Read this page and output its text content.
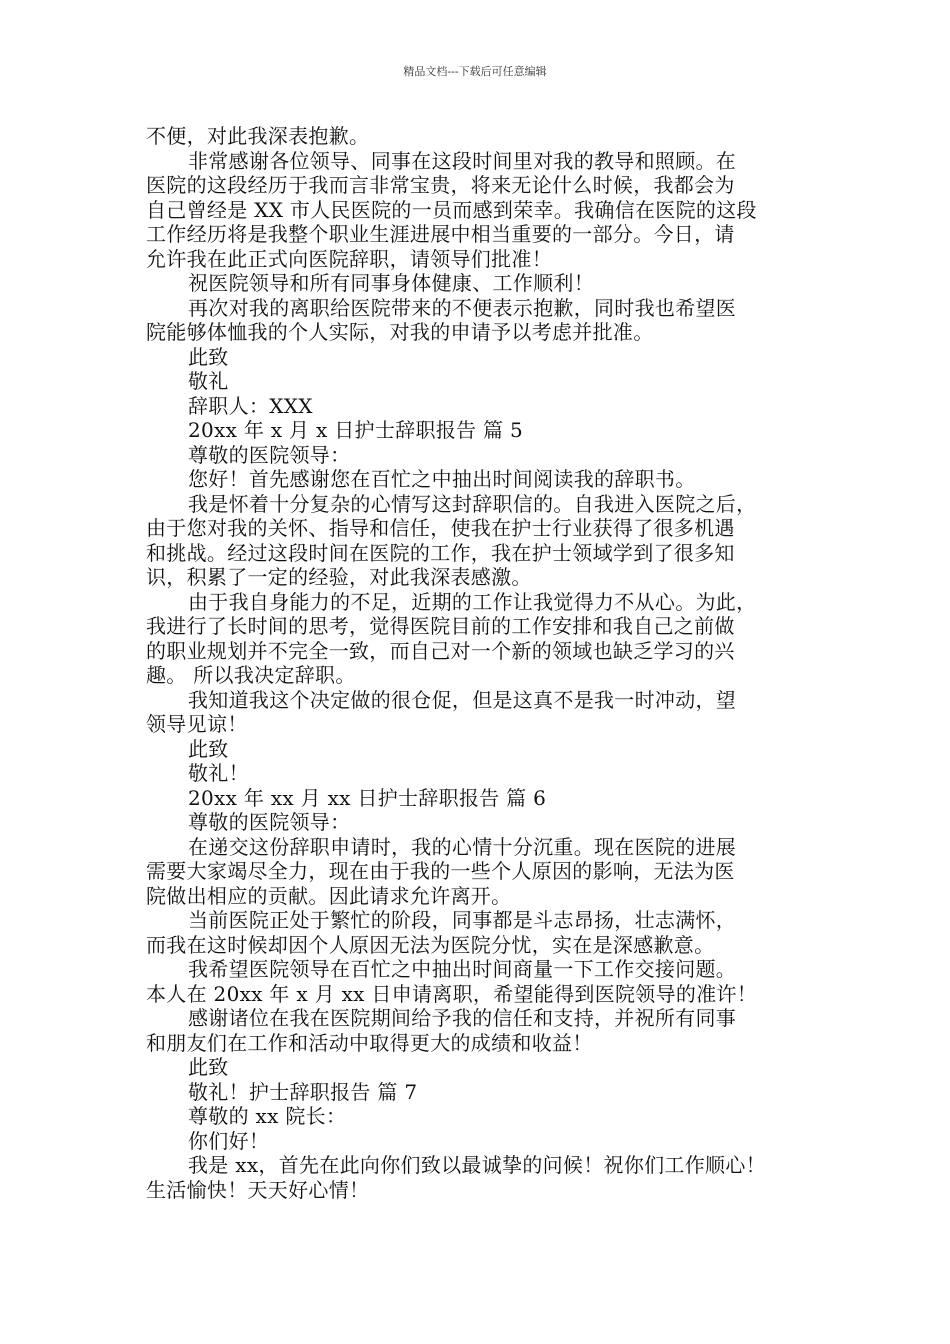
精品文档---下载后可任意编辑
不便，对此我深表抱歉。
非常感谢各位领导、同事在这段时间里对我的教导和照顾。在
医院的这段经历于我而言非常宝贵，将来无论什么时候，我都会为
自己曾经是 XX 市人民医院的一员而感到荣幸。我确信在医院的这段
工作经历将是我整个职业生涯进展中相当重要的一部分。今日，请
允许我在此正式向医院辞职，请领导们批准！
祝医院领导和所有同事身体健康、工作顺利！
再次对我的离职给医院带来的不便表示抱歉，同时我也希望医
院能够体恤我的个人实际，对我的申请予以考虑并批准。
此致
敬礼
辞职人：XXX
20xx 年 x 月 x 日护士辞职报告 篇 5
尊敬的医院领导：
您好！首先感谢您在百忙之中抽出时间阅读我的辞职书。
我是怀着十分复杂的心情写这封辞职信的。自我进入医院之后，
由于您对我的关怀、指导和信任，使我在护士行业获得了很多机遇
和挑战。经过这段时间在医院的工作，我在护士领域学到了很多知
识，积累了一定的经验，对此我深表感激。
由于我自身能力的不足，近期的工作让我觉得力不从心。为此，
我进行了长时间的思考，觉得医院目前的工作安排和我自己之前做
的职业规划并不完全一致，而自己对一个新的领域也缺乏学习的兴
趣。 所以我决定辞职。
我知道我这个决定做的很仓促，但是这真不是我一时冲动，望
领导见谅！
此致
敬礼！
20xx 年 xx 月 xx 日护士辞职报告 篇 6
尊敬的医院领导：
在递交这份辞职申请时，我的心情十分沉重。现在医院的进展
需要大家竭尽全力，现在由于我的一些个人原因的影响，无法为医
院做出相应的贡献。因此请求允许离开。
当前医院正处于繁忙的阶段，同事都是斗志昂扬，壮志满怀，
而我在这时候却因个人原因无法为医院分忧，实在是深感歉意。
我希望医院领导在百忙之中抽出时间商量一下工作交接问题。
本人在 20xx 年 x 月 xx 日申请离职，希望能得到医院领导的准许！
感谢诸位在我在医院期间给予我的信任和支持，并祝所有同事
和朋友们在工作和活动中取得更大的成绩和收益！
此致
敬礼！护士辞职报告 篇 7
尊敬的 xx 院长：
你们好！
我是 xx，首先在此向你们致以最诚挚的问候！祝你们工作顺心！
生活愉快！天天好心情！
